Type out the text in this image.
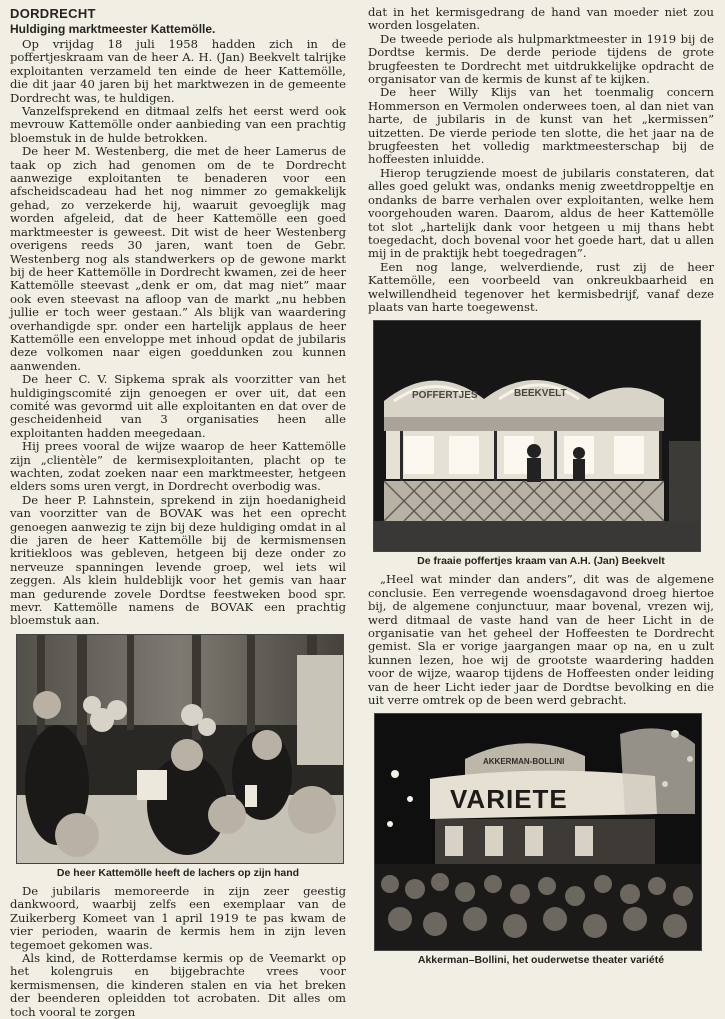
DORDRECHT
Huldiging marktmeester Kattemölle.

Op vrijdag 18 juli 1958 hadden zich in de poffertjeskraam van de heer A. H. (Jan) Beekvelt talrijke exploitanten verzameld ten einde de heer Kattemölle, die dit jaar 40 jaren bij het marktwezen in de gemeente Dordrecht was, te huldigen.

Vanzelfsprekend en ditmaal zelfs het eerst werd ook mevrouw Kattemölle onder aanbieding van een prachtig bloemstuk in de hulde betrokken.

De heer M. Westenberg, die met de heer Lamerus de taak op zich had genomen om de te Dordrecht aanwezige exploitanten te benaderen voor een afscheidscadeau had het nog nimmer zo gemakkelijk gehad, zo verzekerde hij, waaruit gevoeglijk mag worden afgeleid, dat de heer Kattemölle een goed marktmeester is geweest. Dit wist de heer Westenberg overigens reeds 30 jaren, want toen de Gebr. Westenberg nog als standwerkers op de gewone markt bij de heer Kattemölle in Dordrecht kwamen, zei de heer Kattemölle steevast „denk er om, dat mag niet” maar ook even steevast na afloop van de markt „nu hebben jullie er toch weer gestaan.” Als blijk van waardering overhandigde spr. onder een hartelijk applaus de heer Kattemölle een enveloppe met inhoud opdat de jubilaris deze volkomen naar eigen goeddunken zou kunnen aanwenden.

De heer C. V. Sipkema sprak als voorzitter van het huldigingscomité zijn genoegen er over uit, dat een comité was gevormd uit alle exploitanten en dat over de gescheidenheid van 3 organisaties heen alle exploitanten hadden meegedaan.

Hij prees vooral de wijze waarop de heer Kattemölle zijn „clientèle” de kermisexploitanten, placht op te wachten, zodat zoeken naar een marktmeester, hetgeen elders soms uren vergt, in Dordrecht overbodig was.

De heer P. Lahnstein, sprekend in zijn hoedanigheid van voorzitter van de BOVAK was het een oprecht genoegen aanwezig te zijn bij deze huldiging omdat in al die jaren de heer Kattemölle bij de kermismensen kritiekloos was gebleven, hetgeen bij deze onder zo nerveuze spanningen levende groep, wel iets wil zeggen. Als klein huldeblijk voor het gemis van haar man gedurende zovele Dordtse feestweken bood spr. mevr. Kattemölle namens de BOVAK een prachtig bloemstuk aan.

De heer Kattemölle heeft de lachers op zijn hand

De jubilaris memoreerde in zijn zeer geestig dankwoord, waarbij zelfs een exemplaar van de Zuikerberg Komeet van 1 april 1919 te pas kwam de vier perioden, waarin de kermis hem in zijn leven tegemoet gekomen was.

Als kind, de Rotterdamse kermis op de Veemarkt op het kolengruis en bijgebrachte vrees voor kermismensen, die kinderen stalen en via het breken der beenderen opleidden tot acrobaten. Dit alles om toch vooral te zorgen

dat in het kermisgedrang de hand van moeder niet zou worden losgelaten.

De tweede periode als hulpmarktmeester in 1919 bij de Dordtse kermis. De derde periode tijdens de grote brugfeesten te Dordrecht met uitdrukkelijke opdracht de organisator van de kermis de kunst af te kijken.

De heer Willy Klijs van het toenmalig concern Hommerson en Vermolen onderwees toen, al dan niet van harte, de jubilaris in de kunst van het „kermissen” uitzetten. De vierde periode ten slotte, die het jaar na de brugfeesten het volledig marktmeesterschap bij de hoffeesten inluidde.

Hierop terugziende moest de jubilaris constateren, dat alles goed gelukt was, ondanks menig zweetdroppeltje en ondanks de barre verhalen over exploitanten, welke hem voorgehouden waren. Daarom, aldus de heer Kattemölle tot slot „hartelijk dank voor hetgeen u mij thans hebt toegedacht, doch bovenal voor het goede hart, dat u allen mij in de praktijk hebt toegedragen”.

Een nog lange, welverdiende, rust zij de heer Kattemölle, een voorbeeld van onkreukbaarheid en welwillendheid tegenover het kermisbedrijf, vanaf deze plaats van harte toegewenst.

POFFERTJES	BEEKVELT
De fraaie poffertjes kraam van A.H. (Jan) Beekvelt

„Heel wat minder dan anders”, dit was de algemene conclusie. Een verregende woensdagavond droeg hiertoe bij, de algemene conjunctuur, maar bovenal, vrezen wij, werd ditmaal de vaste hand van de heer Licht in de organisatie van het geheel der Hoffeesten te Dordrecht gemist. Sla er vorige jaargangen maar op na, en u zult kunnen lezen, hoe wij de grootste waardering hadden voor de wijze, waarop tijdens de Hoffeesten onder leiding van de heer Licht ieder jaar de Dordtse bevolking en die uit verre omtrek op de been werd gebracht.

AKKERMAN-BOLLINI
VARIETE
Akkerman–Bollini, het ouderwetse theater variété
